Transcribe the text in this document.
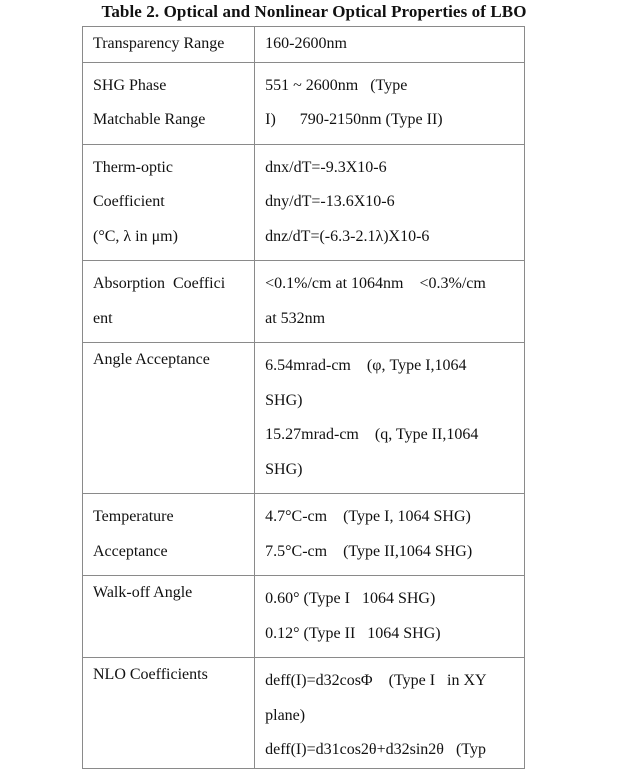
Table 2. Optical and Nonlinear Optical Properties of LBO
Transparency Range	160-2600nm

SHG Phase
Matchable Range	551 ~ 2600nm   (Type
I)      790-2150nm (Type II)

Therm-optic
Coefficient
(°C, λ in μm)	dnx/dT=-9.3X10-6
dny/dT=-13.6X10-6
dnz/dT=(-6.3-2.1λ)X10-6

Absorption  Coeffici
ent	<0.1%/cm at 1064nm    <0.3%/cm
at 532nm

Angle Acceptance	6.54mrad-cm    (φ, Type I,1064
SHG)
15.27mrad-cm    (q, Type II,1064
SHG)

Temperature
Acceptance	4.7°C-cm    (Type I, 1064 SHG)
7.5°C-cm    (Type II,1064 SHG)

Walk-off Angle	0.60° (Type I   1064 SHG)
0.12° (Type II   1064 SHG)

NLO Coefficients	deff(I)=d32cosΦ    (Type I   in XY
plane)
deff(I)=d31cos2θ+d32sin2θ   (Typ
